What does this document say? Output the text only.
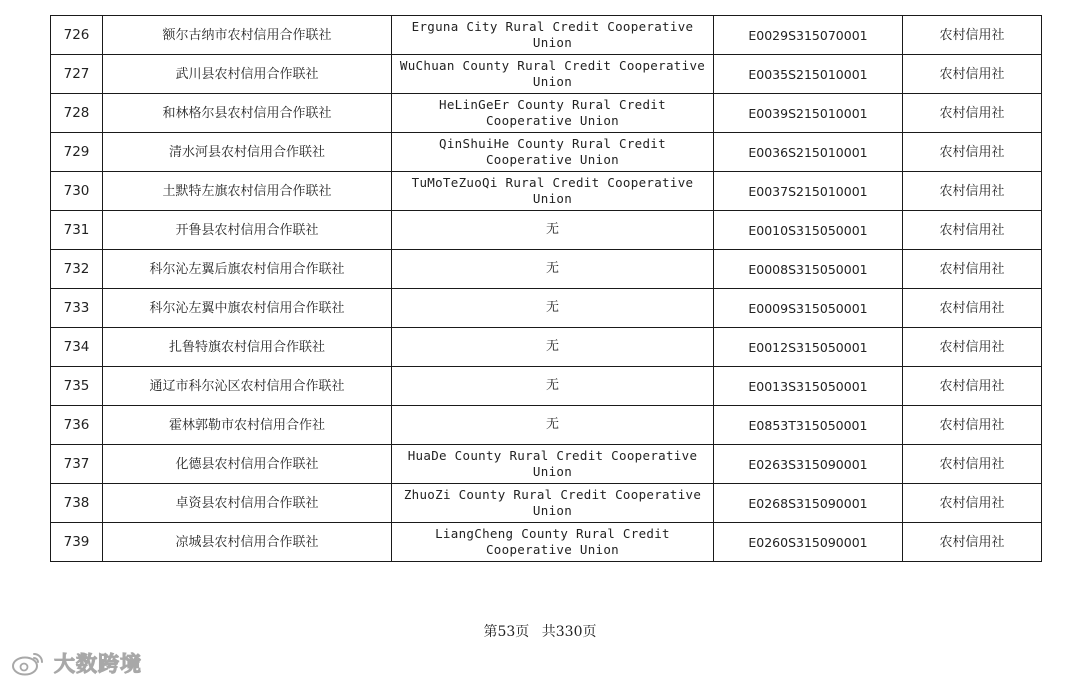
726	额尔古纳市农村信用合作联社	Erguna City Rural Credit Cooperative Union	E0029S315070001	农村信用社
727	武川县农村信用合作联社	WuChuan County Rural Credit Cooperative Union	E0035S215010001	农村信用社
728	和林格尔县农村信用合作联社	HeLinGeEr County Rural Credit Cooperative Union	E0039S215010001	农村信用社
729	清水河县农村信用合作联社	QinShuiHe County Rural Credit Cooperative Union	E0036S215010001	农村信用社
730	土默特左旗农村信用合作联社	TuMoTeZuoQi Rural Credit Cooperative Union	E0037S215010001	农村信用社
731	开鲁县农村信用合作联社	无	E0010S315050001	农村信用社
732	科尔沁左翼后旗农村信用合作联社	无	E0008S315050001	农村信用社
733	科尔沁左翼中旗农村信用合作联社	无	E0009S315050001	农村信用社
734	扎鲁特旗农村信用合作联社	无	E0012S315050001	农村信用社
735	通辽市科尔沁区农村信用合作联社	无	E0013S315050001	农村信用社
736	霍林郭勒市农村信用合作社	无	E0853T315050001	农村信用社
737	化德县农村信用合作联社	HuaDe County Rural Credit Cooperative Union	E0263S315090001	农村信用社
738	卓资县农村信用合作联社	ZhuoZi County Rural Credit Cooperative Union	E0268S315090001	农村信用社
739	凉城县农村信用合作联社	LiangCheng County Rural Credit Cooperative Union	E0260S315090001	农村信用社
第53页 共330页
大数跨境
